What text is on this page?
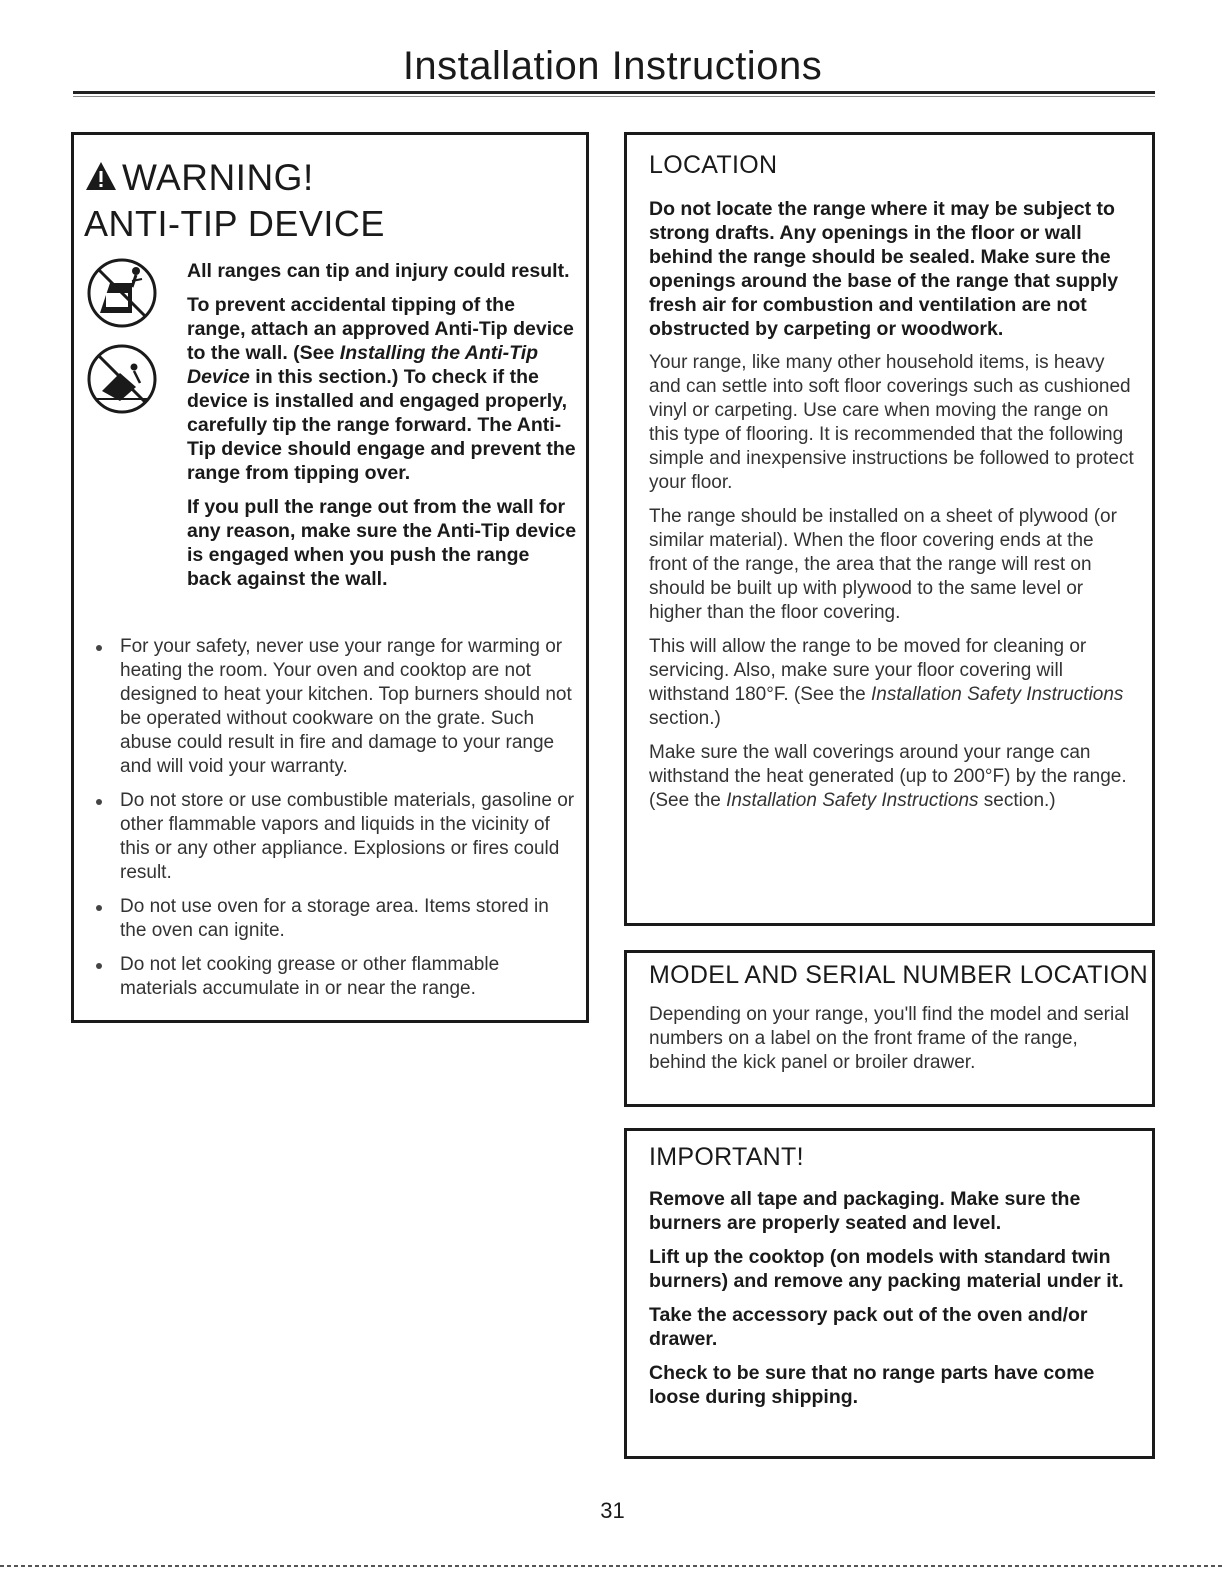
Installation Instructions
WARNING!
ANTI-TIP DEVICE

All ranges can tip and injury could result.

To prevent accidental tipping of the range, attach an approved Anti-Tip device to the wall. (See Installing the Anti-Tip Device in this section.) To check if the device is installed and engaged properly, carefully tip the range forward. The Anti-Tip device should engage and prevent the range from tipping over.

If you pull the range out from the wall for any reason, make sure the Anti-Tip device is engaged when you push the range back against the wall.

For your safety, never use your range for warming or heating the room. Your oven and cooktop are not designed to heat your kitchen. Top burners should not be operated without cookware on the grate. Such abuse could result in fire and damage to your range and will void your warranty.
Do not store or use combustible materials, gasoline or other flammable vapors and liquids in the vicinity of this or any other appliance. Explosions or fires could result.
Do not use oven for a storage area. Items stored in the oven can ignite.
Do not let cooking grease or other flammable materials accumulate in or near the range.
LOCATION

Do not locate the range where it may be subject to strong drafts. Any openings in the floor or wall behind the range should be sealed. Make sure the openings around the base of the range that supply fresh air for combustion and ventilation are not obstructed by carpeting or woodwork.

Your range, like many other household items, is heavy and can settle into soft floor coverings such as cushioned vinyl or carpeting. Use care when moving the range on this type of flooring. It is recommended that the following simple and inexpensive instructions be followed to protect your floor.

The range should be installed on a sheet of plywood (or similar material). When the floor covering ends at the front of the range, the area that the range will rest on should be built up with plywood to the same level or higher than the floor covering.

This will allow the range to be moved for cleaning or servicing. Also, make sure your floor covering will withstand 180°F. (See the Installation Safety Instructions section.)

Make sure the wall coverings around your range can withstand the heat generated (up to 200°F) by the range. (See the Installation Safety Instructions section.)

MODEL AND SERIAL NUMBER LOCATION

Depending on your range, you'll find the model and serial numbers on a label on the front frame of the range, behind the kick panel or broiler drawer.

IMPORTANT!

Remove all tape and packaging. Make sure the burners are properly seated and level.

Lift up the cooktop (on models with standard twin burners) and remove any packing material under it.

Take the accessory pack out of the oven and/or drawer.

Check to be sure that no range parts have come loose during shipping.

31
